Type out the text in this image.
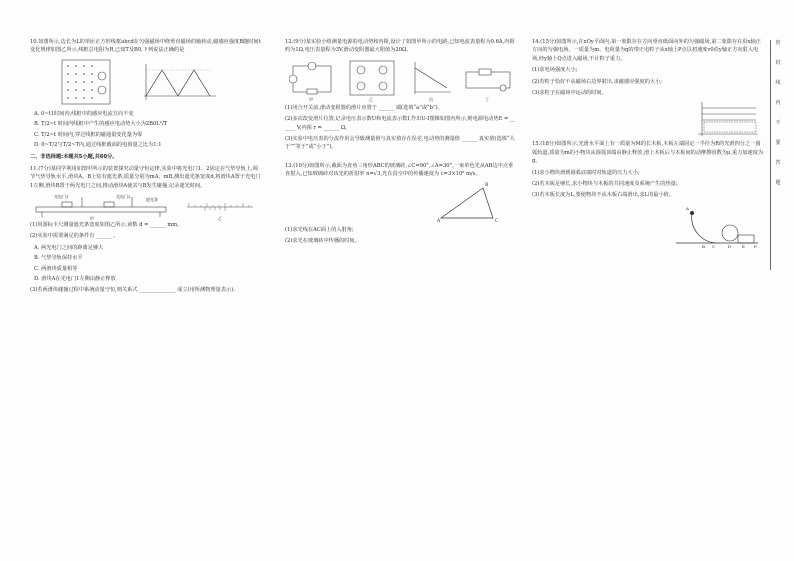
10.如图所示,边长为L的单匝正方形线框abcd在匀强磁场中绕垂直磁场的轴转动,磁感应强度B随时间t变化规律如图乙所示,线框总电阻为R,已知T及B0,下列说法正确的是
A. 0~t1时间内,线框中的感应电流方向不变
B. T/2~t 时间内线框中产生的感应电动势大小为2B0L²/T
C. T/2~t 时间内,穿过线框的磁通量变化量为零
D. 0~T/2与T/2~T内,通过线框截面的电荷量之比为1:1
二、非选择题:本题共5小题,共60分。
11.(7分)某同学利用如图甲所示的装置探究动量守恒定律,实验中将光电门1、2固定在气垫导轨上,调节气垫导轨水平,滑块A、B上装有遮光条,质量分别为mA、mB,测出遮光条宽度d,将滑块A置于光电门1左侧,滑块B置于两光电门之间,推动滑块A使其与B发生碰撞,记录遮光时间。
光电门1	光电门2
遮光条
甲	乙
(1)用游标卡尺测量遮光条宽度如图乙所示,读数 d = ______ mm。
(2)实验中需要满足的条件有 ______ 。
A. 两光电门之间的距离足够大
B. 气垫导轨保持水平
C. 两滑块质量相等
D. 滑块A在光电门1左侧由静止释放
(3)若两滑块碰撞过程中系统动量守恒,则关系式 ______________ 成立(用所测物理量表示)。
12.(9分)某实验小组测量电源的电动势和内阻,设计了如图甲所示的电路,已知电流表量程为0.6A,内阻约为1Ω,电压表量程为3V,滑动变阻器最大阻值为20Ω。
甲	乙	丙	丁
(1)闭合开关前,滑动变阻器的滑片应置于 ______ 端(选填“a”或“b”)。
(2)多次改变滑片位置,记录电压表示数U和电流表示数I,作出U-I图像如图丙所示,则电源电动势E = ______ V,内阻 r = ______ Ω。
(3)实验中电压表的分流作用会导致测量值与真实值存在误差,电动势的测量值 ______ 真实值(选填“大于”“等于”或“小于”)。
13.(10分)如图所示,截面为直角三角形ABC的玻璃砖,∠C=90°,∠A=30°,一束单色光从AB边中点垂直射入,已知玻璃砖对该光的折射率 n=√3,光在真空中的传播速度为 c=3×10⁸ m/s。
A
B
C
(1)求光线在AC面上的入射角;
(2)求光在玻璃砖中传播的时间。
14.(15分)如图所示,在xOy平面内,第一象限存在方向垂直纸面向外的匀强磁场,第二象限存在沿x轴正方向的匀强电场。一质量为m、电荷量为q的带正电粒子从x轴上P点以初速度v0沿y轴正方向射入电场,经y轴上Q点进入磁场,不计粒子重力。
(1)求电场强度大小;
(2)若粒子恰好不从磁场右边界射出,求磁感应强度的大小;
(3)求粒子在磁场中运动的时间。
15.(18分)如图所示,光滑水平面上有一质量为M的长木板,木板左端固定一半径为R的光滑四分之一圆弧轨道,质量为m的小物块从圆弧顶端由静止释放,滑上木板后与木板间的动摩擦因数为μ,重力加速度为g。
(1)求小物块滑到圆弧底端时对轨道的压力大小;
(2)若木板足够长,求小物块与木板的共同速度及系统产生的热量;
(3)若木板长度为L,要使物块不从木板右端滑出,求L的最小值。
A
B C	D	E F
密
封
线
内
不
要
答
题
